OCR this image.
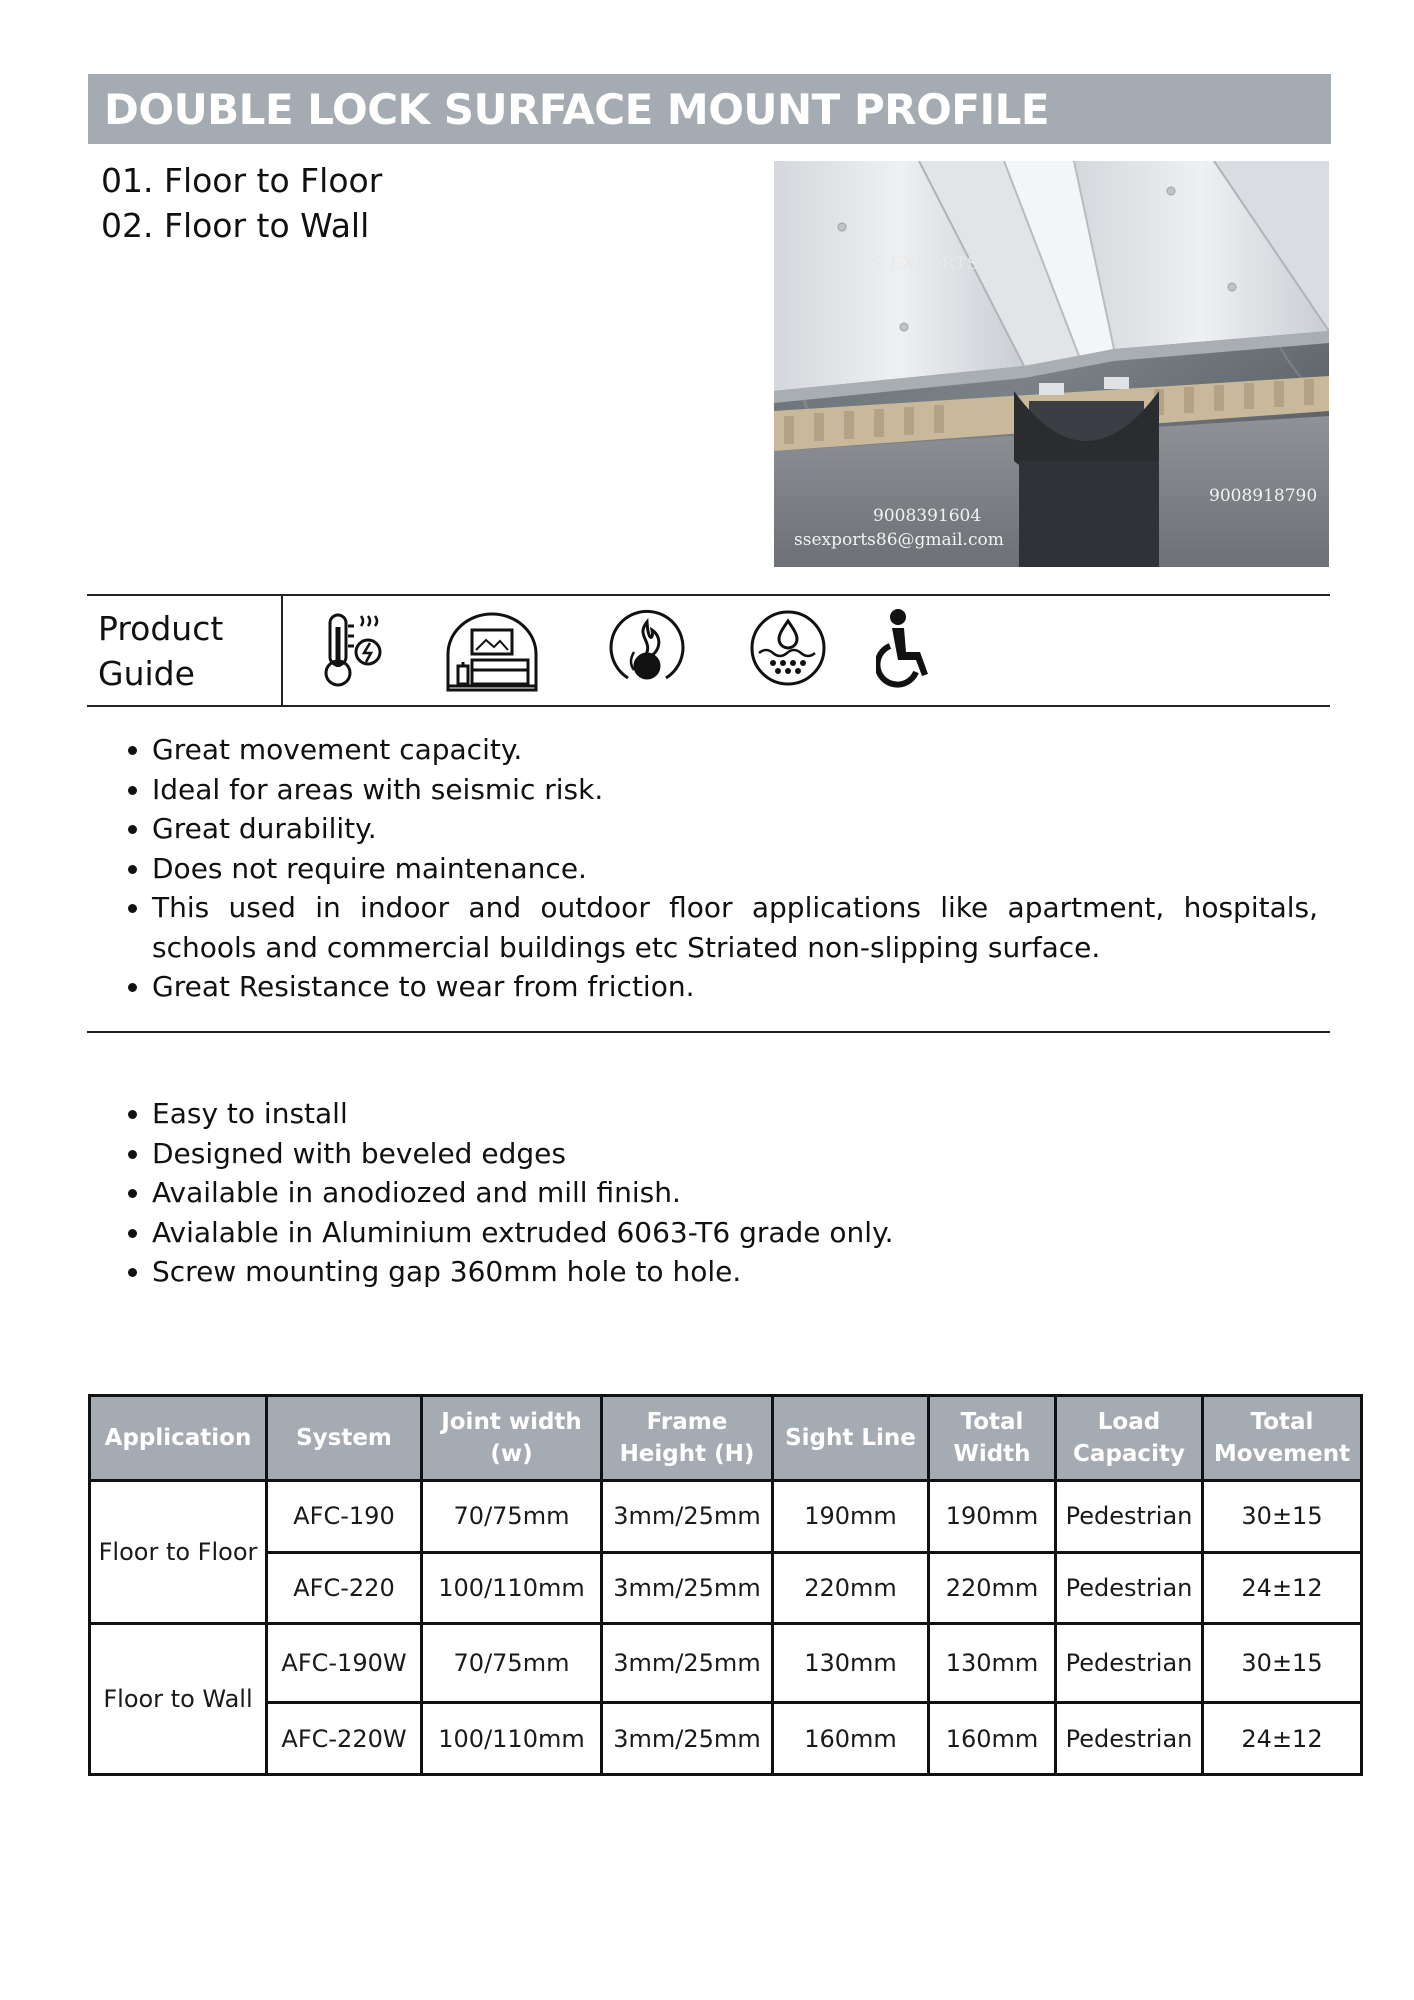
DOUBLE LOCK SURFACE MOUNT PROFILE
01. Floor to Floor
02. Floor to Wall
S S EXPORTS
9008391604
ssexports86@gmail.com
9008918790
Product
Guide
• Great movement capacity.
• Ideal for areas with seismic risk.
• Great durability.
• Does not require maintenance.
• This used in indoor and outdoor floor applications like apartment, hospitals, schools and commercial buildings etc Striated non-slipping surface.
• Great Resistance to wear from friction.
• Easy to install
• Designed with beveled edges
• Available in anodiozed and mill finish.
• Avialable in Aluminium extruded 6063-T6 grade only.
• Screw mounting gap 360mm hole to hole.
Application	System	Joint width (w)	Frame Height (H)	Sight Line	Total Width	Load Capacity	Total Movement
Floor to Floor	AFC-190	70/75mm	3mm/25mm	190mm	190mm	Pedestrian	30±15
	AFC-220	100/110mm	3mm/25mm	220mm	220mm	Pedestrian	24±12
Floor to Wall	AFC-190W	70/75mm	3mm/25mm	130mm	130mm	Pedestrian	30±15
	AFC-220W	100/110mm	3mm/25mm	160mm	160mm	Pedestrian	24±12
